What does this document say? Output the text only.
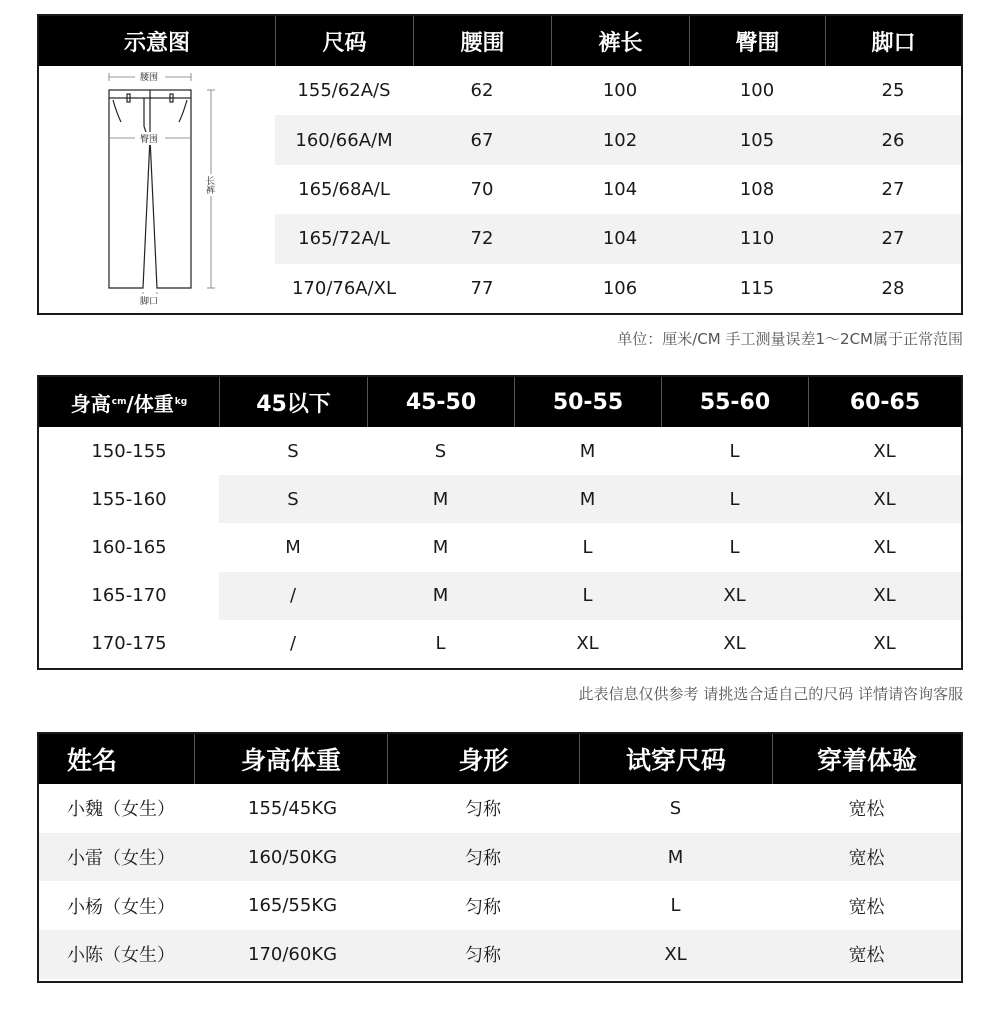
示意图	尺码	腰围	裤长	臀围	脚口
腰围
臀围
长裤
脚口
155/62A/S	62	100	100	25
160/66A/M	67	102	105	26
165/68A/L	70	104	108	27
165/72A/L	72	104	110	27
170/76A/XL	77	106	115	28
单位：厘米/CM 手工测量误差1～2CM属于正常范围
身高 cm /体重 kg	45以下	45-50	50-55	55-60	60-65
150-155	S	S	M	L	XL
155-160	S	M	M	L	XL
160-165	M	M	L	L	XL
165-170	/	M	L	XL	XL
170-175	/	L	XL	XL	XL
此表信息仅供参考 请挑选合适自己的尺码 详情请咨询客服
姓名	身高体重	身形	试穿尺码	穿着体验
小魏（女生）	155/45KG	匀称	S	宽松
小雷（女生）	160/50KG	匀称	M	宽松
小杨（女生）	165/55KG	匀称	L	宽松
小陈（女生）	170/60KG	匀称	XL	宽松
